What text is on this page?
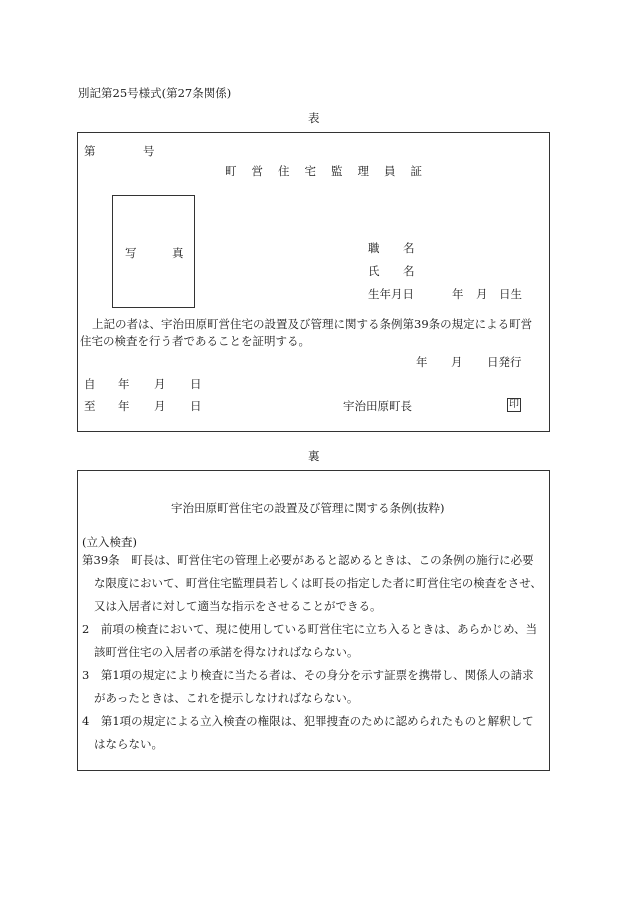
別記第25号様式(第27条関係)
表
第	号
町営住宅監理員証
写	真	職 名
氏 名
生年月日	年 月 日生
上記の者は、宇治田原町営住宅の設置及び管理に関する条例第39条の規定による町営
住宅の検査を行う者であることを証明する。
年 月 日発行
自 年 月 日
至 年 月 日	宇治田原町長	印
裏
宇治田原町営住宅の設置及び管理に関する条例(抜粋)
(立入検査)
第39条　町長は、町営住宅の管理上必要があると認めるときは、この条例の施行に必要
な限度において、町営住宅監理員若しくは町長の指定した者に町営住宅の検査をさせ、
又は入居者に対して適当な指示をさせることができる。
2　前項の検査において、現に使用している町営住宅に立ち入るときは、あらかじめ、当
該町営住宅の入居者の承諾を得なければならない。
3　第1項の規定により検査に当たる者は、その身分を示す証票を携帯し、関係人の請求
があったときは、これを提示しなければならない。
4　第1項の規定による立入検査の権限は、犯罪捜査のために認められたものと解釈して
はならない。
